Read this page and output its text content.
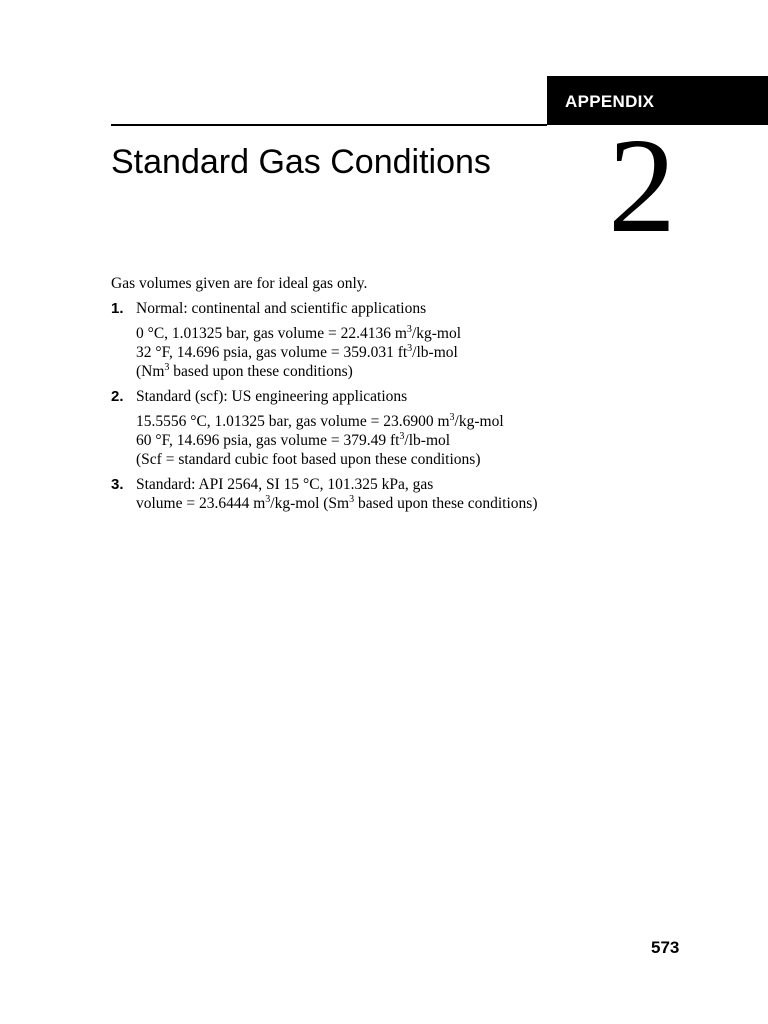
APPENDIX
Standard Gas Conditions 2

Gas volumes given are for ideal gas only.

1. Normal: continental and scientific applications
0 °C, 1.01325 bar, gas volume = 22.4136 $m^3/kg$-mol
32 °F, 14.696 psia, gas volume = 359.031 $ft^3/lb$-mol
(Nm$^3$ based upon these conditions)
2. Standard (scf): US engineering applications
15.5556 °C, 1.01325 bar, gas volume = 23.6900 $m^3/kg$-mol
60 °F, 14.696 psia, gas volume = 379.49 $ft^3/lb$-mol
(Scf = standard cubic foot based upon these conditions)
3. Standard: API 2564, SI 15 °C, 101.325 kPa, gas
volume = 23.6444 $m^3/kg$-mol (Sm$^3$ based upon these conditions)
573
